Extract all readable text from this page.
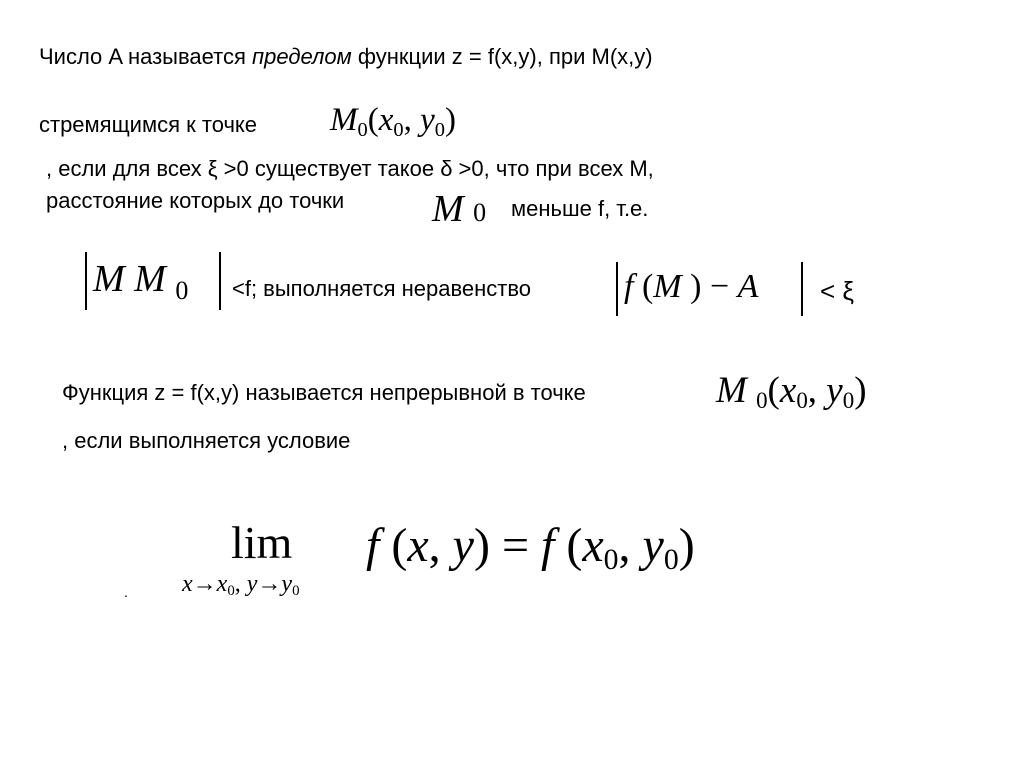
Число A называется пределом функции z = f(x,y), при M(x,y)
стремящимся к точке M0(x0, y0)
, если для всех ξ >0 существует такое δ >0, что при всех M,
расстояние которых до точки M 0 меньше f, т.е.
M M $_0$ <f; выполняется неравенство	f (M ) − A < ξ
Функция z = f(x,y) называется непрерывной в точке	M 0(x0, y0)
, если выполняется условие
lim
x→x0, y→y0
f (x, y) = f (x0, y0)
.
